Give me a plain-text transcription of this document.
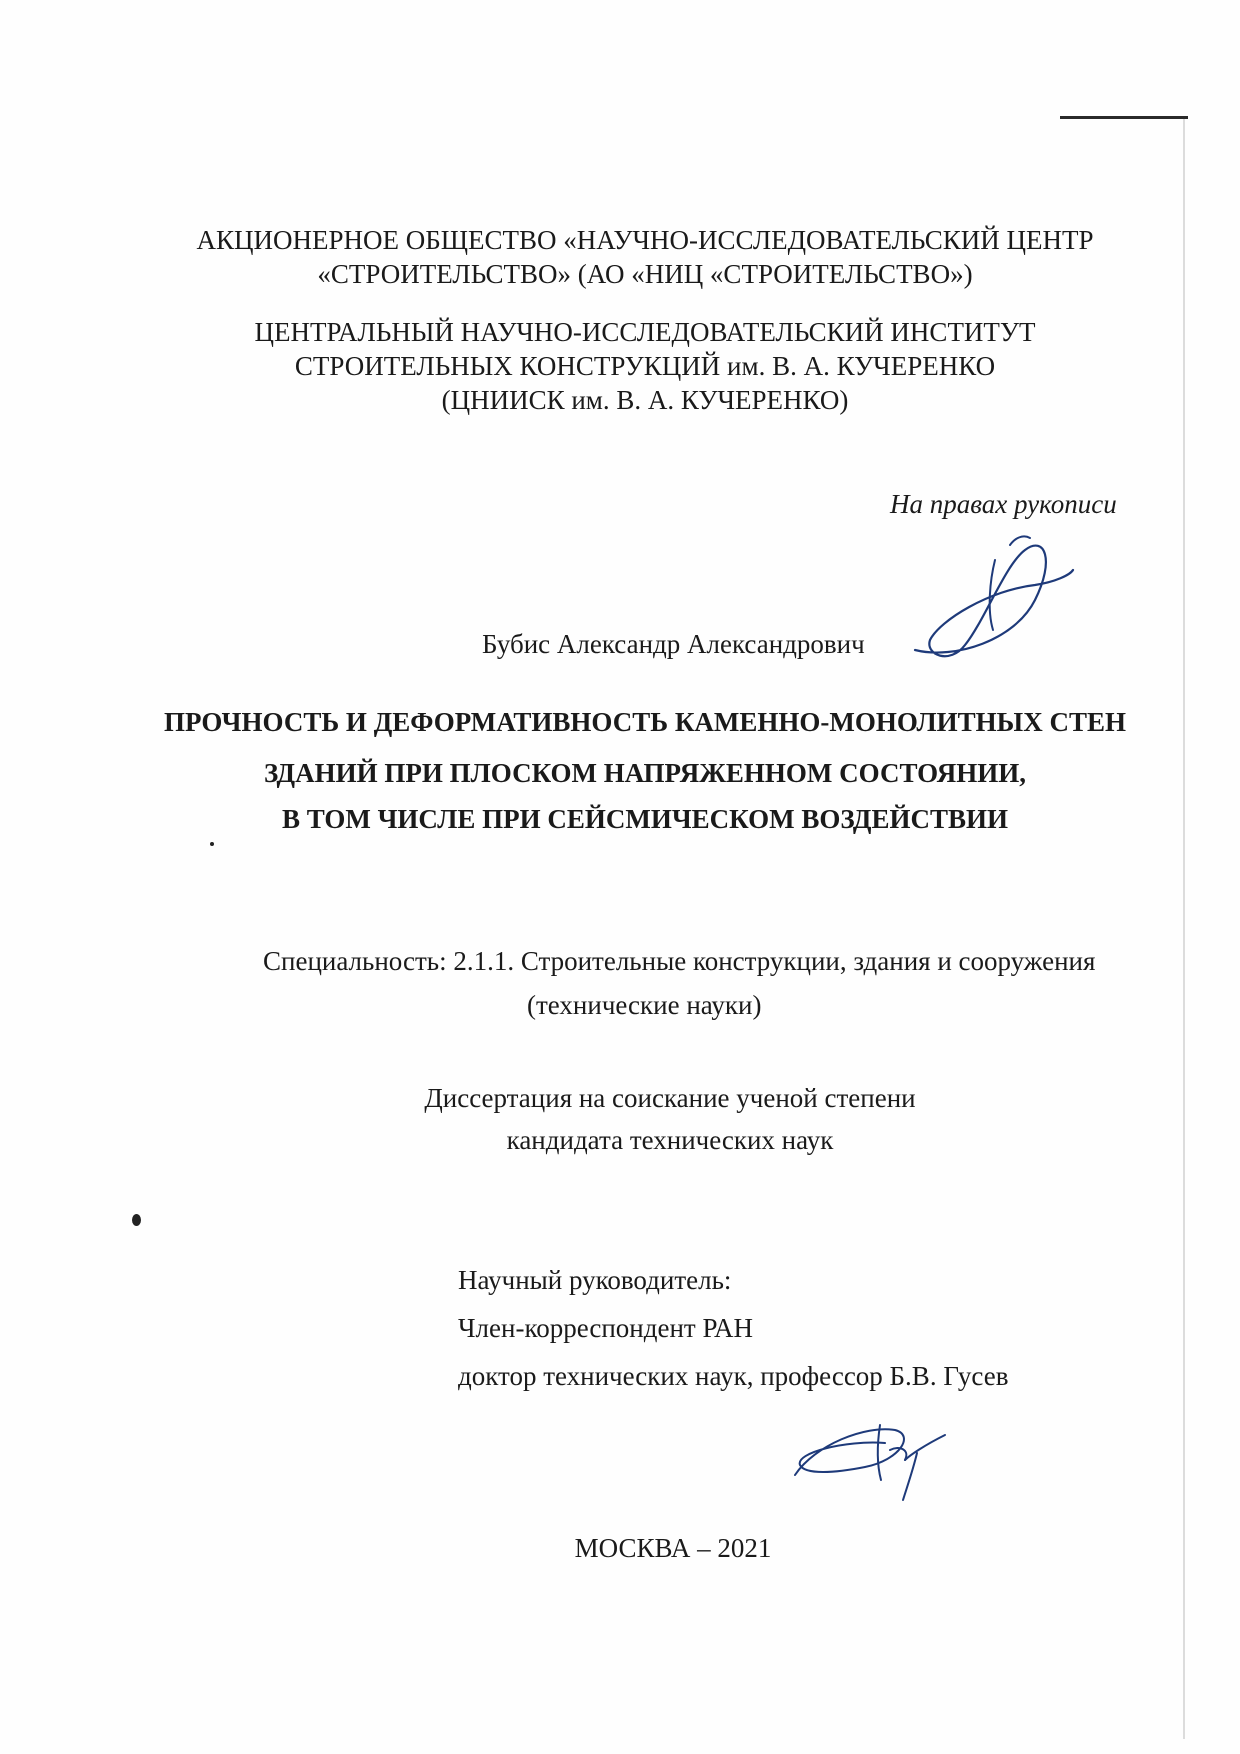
АКЦИОНЕРНОЕ ОБЩЕСТВО «НАУЧНО-ИССЛЕДОВАТЕЛЬСКИЙ ЦЕНТР
«СТРОИТЕЛЬСТВО» (АО «НИЦ «СТРОИТЕЛЬСТВО»)
ЦЕНТРАЛЬНЫЙ НАУЧНО-ИССЛЕДОВАТЕЛЬСКИЙ ИНСТИТУТ
СТРОИТЕЛЬНЫХ КОНСТРУКЦИЙ им. В. А. КУЧЕРЕНКО
(ЦНИИСК им. В. А. КУЧЕРЕНКО)
На правах рукописи
Бубис Александр Александрович
ПРОЧНОСТЬ И ДЕФОРМАТИВНОСТЬ КАМЕННО-МОНОЛИТНЫХ СТЕН
ЗДАНИЙ ПРИ ПЛОСКОМ НАПРЯЖЕННОМ СОСТОЯНИИ,
В ТОМ ЧИСЛЕ ПРИ СЕЙСМИЧЕСКОМ ВОЗДЕЙСТВИИ
Специальность: 2.1.1. Строительные конструкции, здания и сооружения
(технические науки)
Диссертация на соискание ученой степени
кандидата технических наук
Научный руководитель:
Член-корреспондент РАН
доктор технических наук, профессор Б.В. Гусев
МОСКВА – 2021
